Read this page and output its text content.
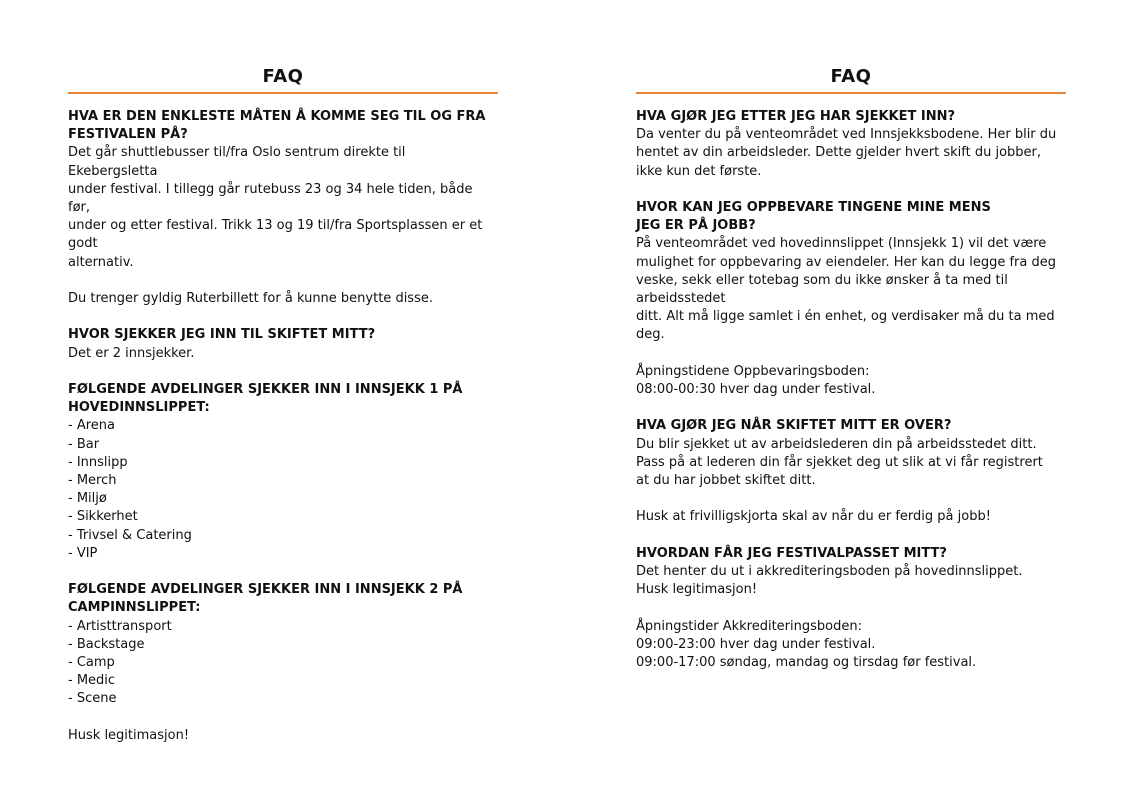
FAQ

HVA ER DEN ENKLESTE MÅTEN Å KOMME SEG TIL OG FRA
FESTIVALEN PÅ?

Det går shuttlebusser til/fra Oslo sentrum direkte til Ekebergsletta
under festival. I tillegg går rutebuss 23 og 34 hele tiden, både før,
under og etter festival. Trikk 13 og 19 til/fra Sportsplassen er et godt
alternativ.

Du trenger gyldig Ruterbillett for å kunne benytte disse.

HVOR SJEKKER JEG INN TIL SKIFTET MITT?

Det er 2 innsjekker.

FØLGENDE AVDELINGER SJEKKER INN I INNSJEKK 1 PÅ
HOVEDINNSLIPPET:

- Arena
- Bar
- Innslipp
- Merch
- Miljø
- Sikkerhet
- Trivsel & Catering
- VIP

FØLGENDE AVDELINGER SJEKKER INN I INNSJEKK 2 PÅ
CAMPINNSLIPPET:

- Artisttransport
- Backstage
- Camp
- Medic
- Scene

Husk legitimasjon!

FAQ

HVA GJØR JEG ETTER JEG HAR SJEKKET INN?

Da venter du på venteområdet ved Innsjekksbodene. Her blir du
hentet av din arbeidsleder. Dette gjelder hvert skift du jobber,
ikke kun det første.

HVOR KAN JEG OPPBEVARE TINGENE MINE MENS
JEG ER PÅ JOBB?

På venteområdet ved hovedinnslippet (Innsjekk 1) vil det være
mulighet for oppbevaring av eiendeler. Her kan du legge fra deg
veske, sekk eller totebag som du ikke ønsker å ta med til arbeidsstedet
ditt. Alt må ligge samlet i én enhet, og verdisaker må du ta med deg.

Åpningstidene Oppbevaringsboden:
08:00-00:30 hver dag under festival.

HVA GJØR JEG NÅR SKIFTET MITT ER OVER?

Du blir sjekket ut av arbeidslederen din på arbeidsstedet ditt.
Pass på at lederen din får sjekket deg ut slik at vi får registrert
at du har jobbet skiftet ditt.

Husk at frivilligskjorta skal av når du er ferdig på jobb!

HVORDAN FÅR JEG FESTIVALPASSET MITT?

Det henter du ut i akkrediteringsboden på hovedinnslippet.
Husk legitimasjon!

Åpningstider Akkrediteringsboden:
09:00-23:00 hver dag under festival.
09:00-17:00 søndag, mandag og tirsdag før festival.
